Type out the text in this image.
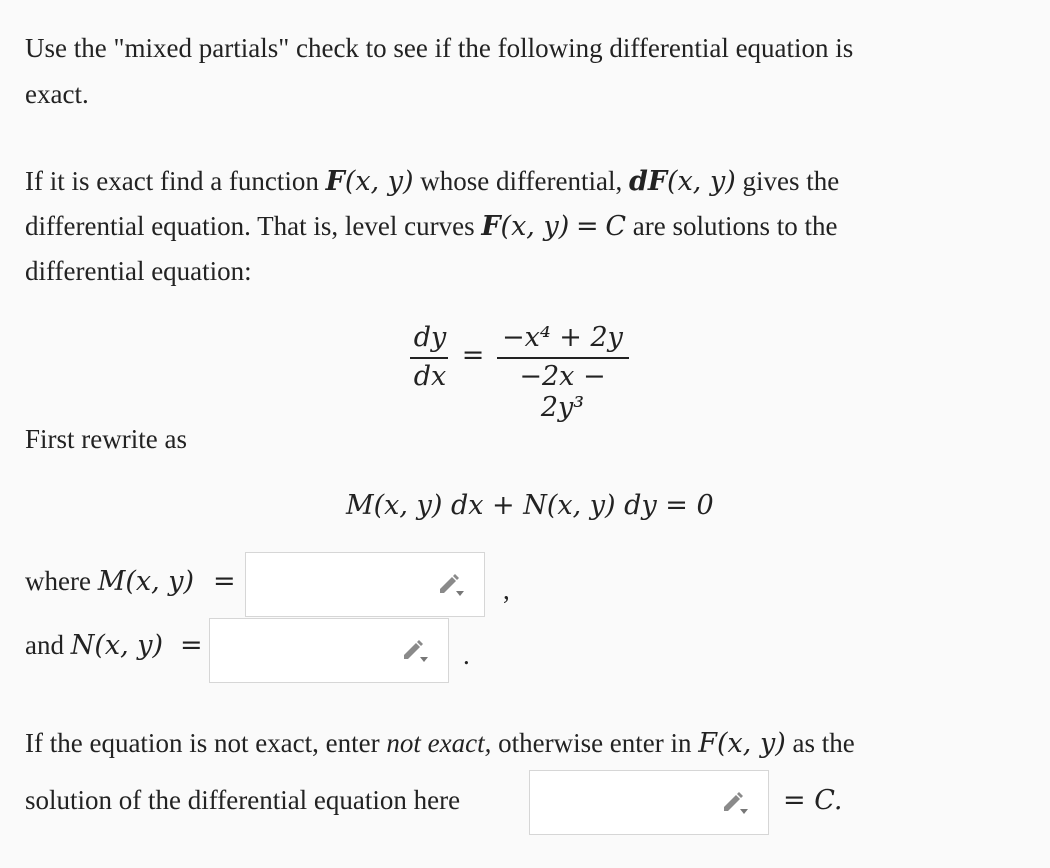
Use the "mixed partials" check to see if the following differential equation is
exact.
If it is exact find a function F(x, y) whose differential, dF(x, y) gives the
differential equation. That is, level curves F(x, y) = C are solutions to the
differential equation:
dy
dx
=
−x⁴ + 2y
−2x − 2y³
First rewrite as
M(x, y) dx + N(x, y) dy = 0
where M(x, y) =	,
and N(x, y) =	.
If the equation is not exact, enter not exact, otherwise enter in F(x, y) as the
solution of the differential equation here	= C.
